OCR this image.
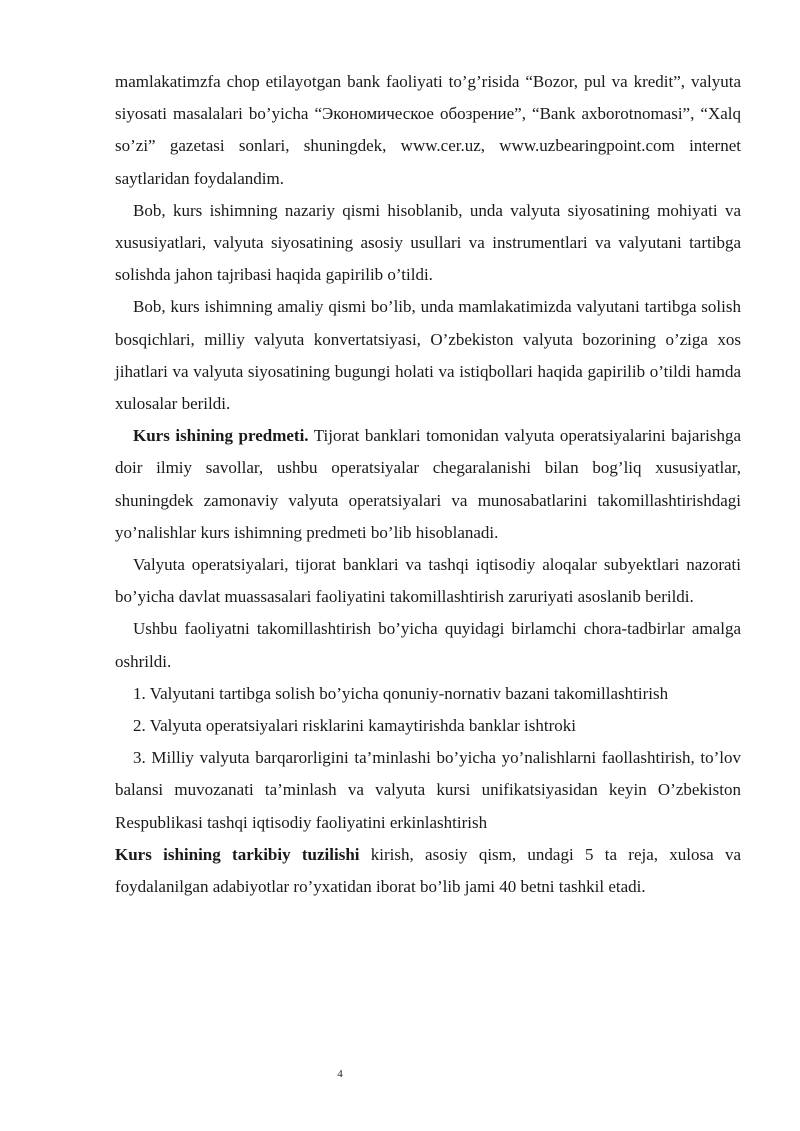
mamlakatimzfa chop etilayotgan bank faoliyati to’g’risida “Bozor, pul va kredit”, valyuta siyosati masalalari bo’yicha “Экономическое обозрение”, “Bank axborotnomasi”, “Xalq so’zi” gazetasi sonlari, shuningdek, www.cer.uz, www.uzbearingpoint.com internet saytlaridan foydalandim.

Bob, kurs ishimning nazariy qismi hisoblanib, unda valyuta siyosatining mohiyati va xususiyatlari, valyuta siyosatining asosiy usullari va instrumentlari va valyutani tartibga solishda jahon tajribasi haqida gapirilib o’tildi.

Bob, kurs ishimning amaliy qismi bo’lib, unda mamlakatimizda valyutani tartibga solish bosqichlari, milliy valyuta konvertatsiyasi, O’zbekiston valyuta bozorining o’ziga xos jihatlari va valyuta siyosatining bugungi holati va istiqbollari haqida gapirilib o’tildi hamda xulosalar berildi.

Kurs ishining predmeti. Tijorat banklari tomonidan valyuta operatsiyalarini bajarishga doir ilmiy savollar, ushbu operatsiyalar chegaralanishi bilan bog’liq xususiyatlar, shuningdek zamonaviy valyuta operatsiyalari va munosabatlarini takomillashtirishdagi yo’nalishlar kurs ishimning predmeti bo’lib hisoblanadi.

Valyuta operatsiyalari, tijorat banklari va tashqi iqtisodiy aloqalar subyektlari nazorati bo’yicha davlat muassasalari faoliyatini takomillashtirish zaruriyati asoslanib berildi.

Ushbu faoliyatni takomillashtirish bo’yicha quyidagi birlamchi chora-tadbirlar amalga oshrildi.

1. Valyutani tartibga solish bo’yicha qonuniy-nornativ bazani takomillashtirish

2. Valyuta operatsiyalari risklarini kamaytirishda banklar ishtroki

3. Milliy valyuta barqarorligini ta’minlashi bo’yicha yo’nalishlarni faollashtirish, to’lov balansi muvozanati ta’minlash va valyuta kursi unifikatsiyasidan keyin O’zbekiston Respublikasi tashqi iqtisodiy faoliyatini erkinlashtirish

Kurs ishining tarkibiy tuzilishi kirish, asosiy qism, undagi 5 ta reja, xulosa va foydalanilgan adabiyotlar ro’yxatidan iborat bo’lib jami 40 betni tashkil etadi.

4
